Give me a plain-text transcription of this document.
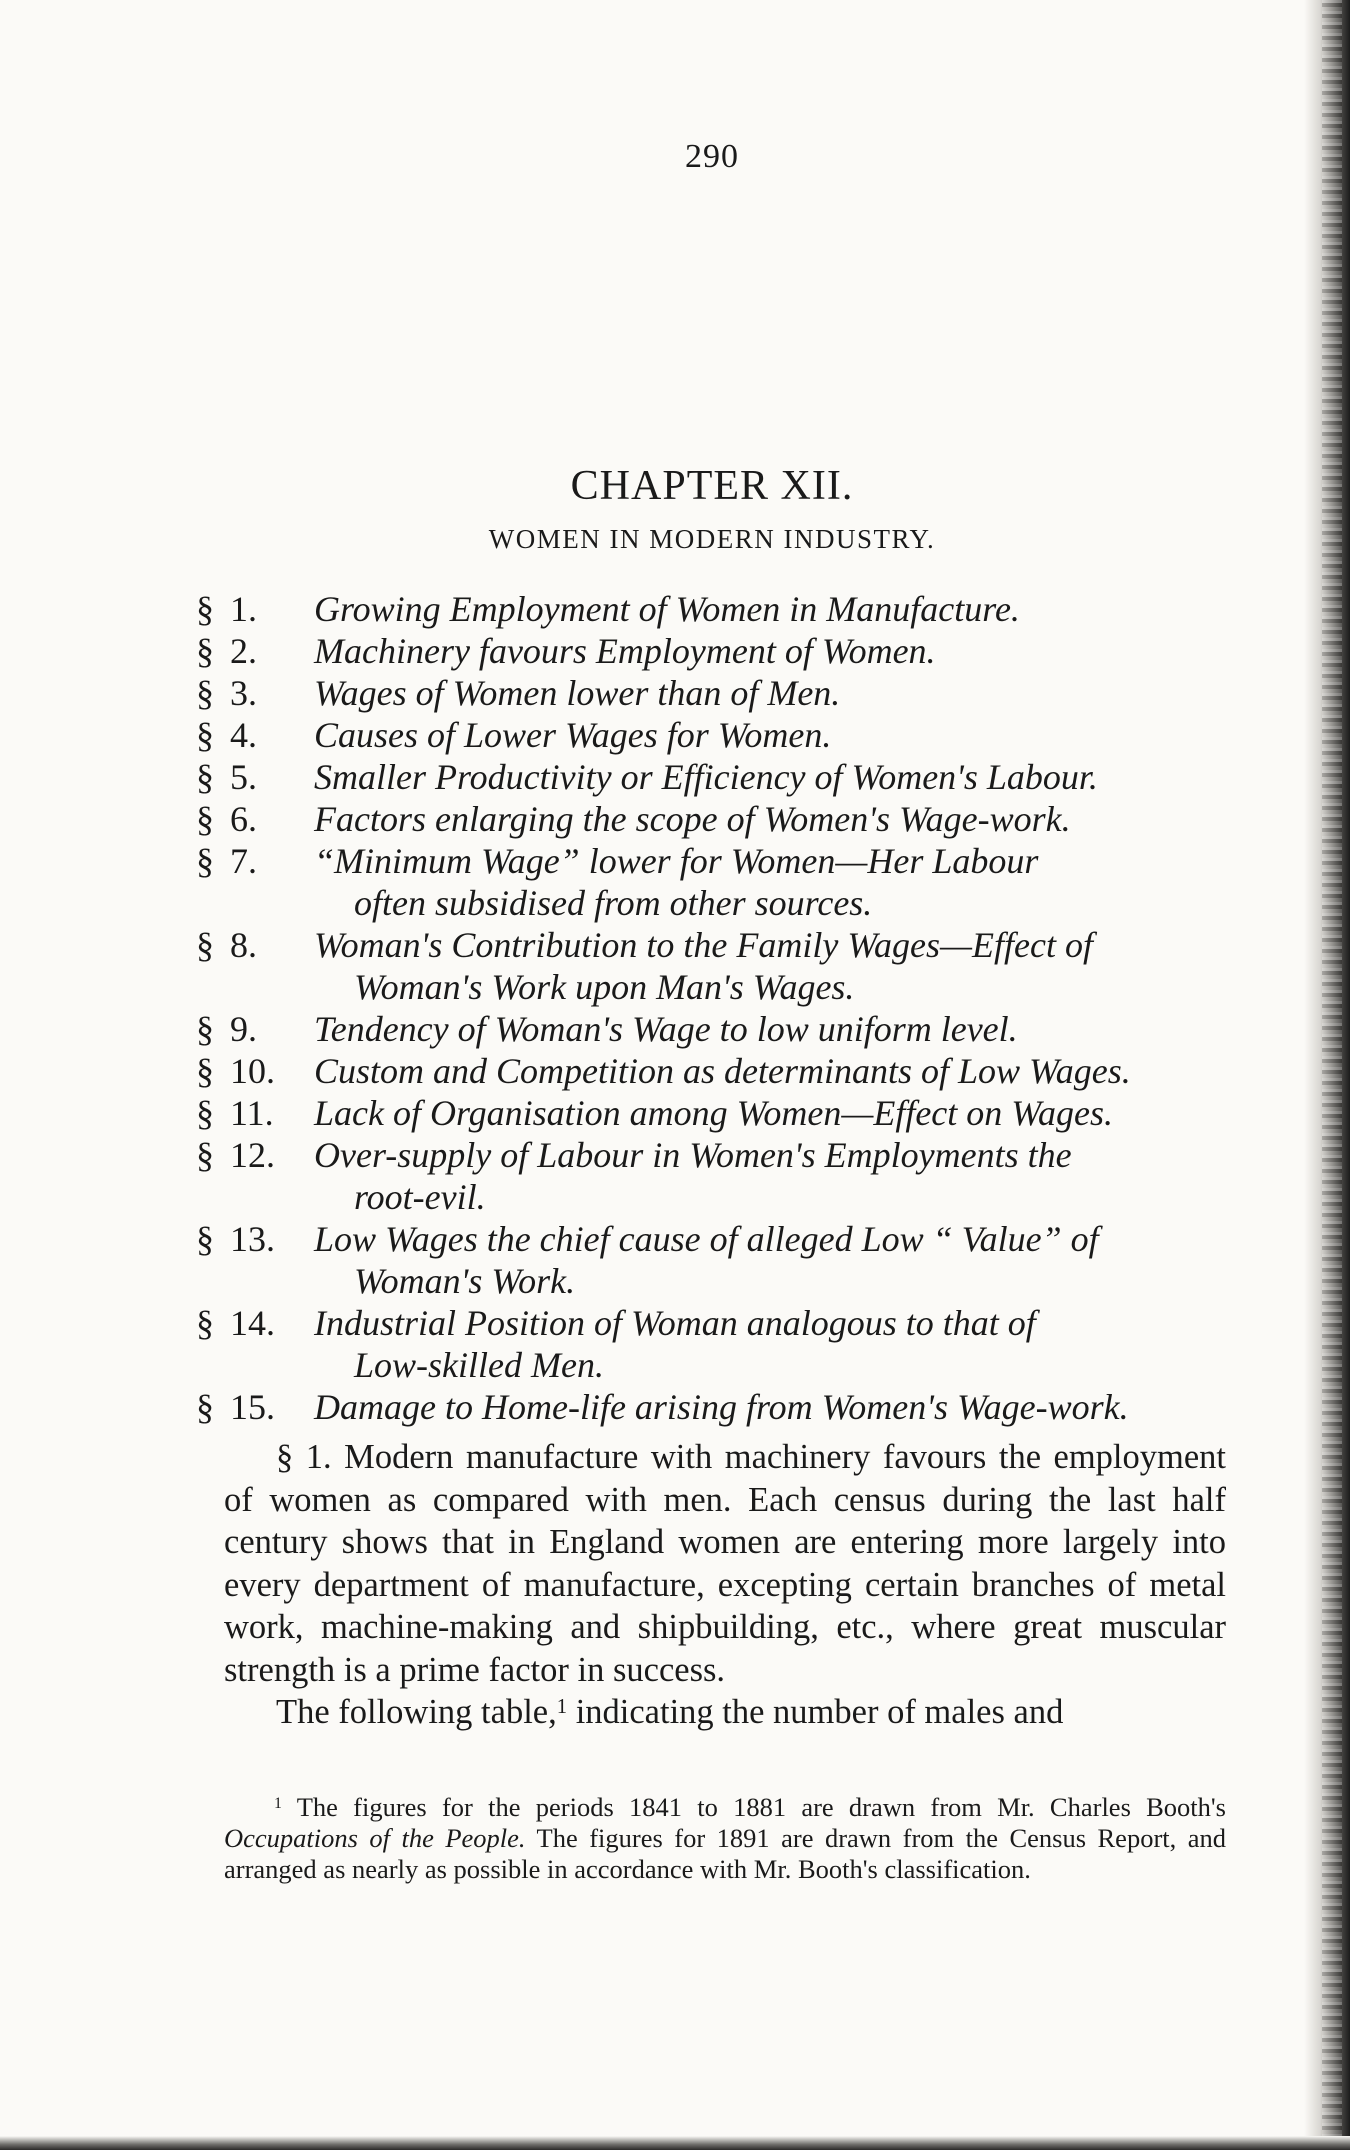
290
CHAPTER XII.
WOMEN IN MODERN INDUSTRY.
§ 1.	Growing Employment of Women in Manufacture.
§ 2.	Machinery favours Employment of Women.
§ 3.	Wages of Women lower than of Men.
§ 4.	Causes of Lower Wages for Women.
§ 5.	Smaller Productivity or Efficiency of Women's Labour.
§ 6.	Factors enlarging the scope of Women's Wage-work.
§ 7.	“Minimum Wage” lower for Women—Her Labour
often subsidised from other sources.
§ 8.	Woman's Contribution to the Family Wages—Effect of
Woman's Work upon Man's Wages.
§ 9.	Tendency of Woman's Wage to low uniform level.
§ 10.	Custom and Competition as determinants of Low Wages.
§ 11.	Lack of Organisation among Women—Effect on Wages.
§ 12.	Over-supply of Labour in Women's Employments the
root-evil.
§ 13.	Low Wages the chief cause of alleged Low “ Value” of
Woman's Work.
§ 14.	Industrial Position of Woman analogous to that of
Low-skilled Men.
§ 15.	Damage to Home-life arising from Women's Wage-work.

§ 1. Modern manufacture with machinery favours the employment of women as compared with men. Each census during the last half century shows that in England women are entering more largely into every department of manufacture, excepting certain branches of metal work, machine-making and shipbuilding, etc., where great muscular strength is a prime factor in success.

The following table,$^1$ indicating the number of males and

$^1$ The figures for the periods 1841 to 1881 are drawn from Mr. Charles Booth's Occupations of the People. The figures for 1891 are drawn from the Census Report, and arranged as nearly as possible in accordance with Mr. Booth's classification.
